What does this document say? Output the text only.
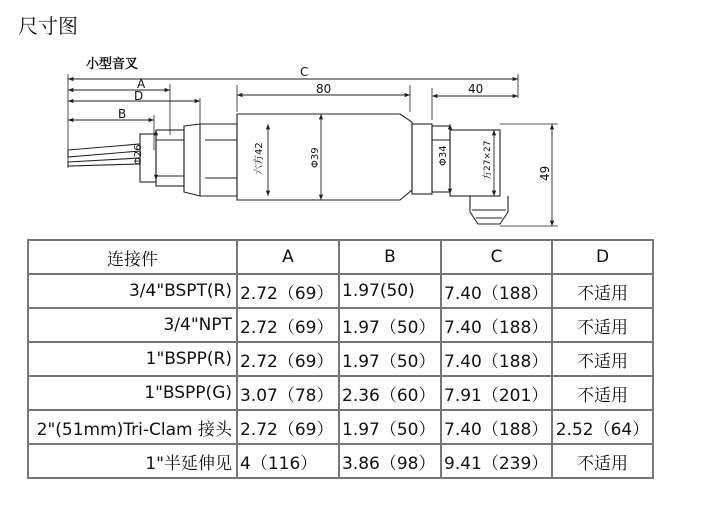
尺寸图
小型音叉	C
A
D
B
80	40
49
Φ26	Φ39	Φ34
六方42	方27×27
连接件	A	B	C	D
3/4"BSPT(R)	2.72（69）	1.97(50)	7.40（188）	不适用
3/4"NPT	2.72（69）	1.97（50）	7.40（188）	不适用
1"BSPP(R)	2.72（69）	1.97（50）	7.40（188）	不适用
1"BSPP(G)	3.07（78）	2.36（60）	7.91（201）	不适用
2"(51mm)Tri-Clam 接头	2.72（69）	1.97（50）	7.40（188）	2.52（64）
1"半延伸见	4（116）	3.86（98）	9.41（239）	不适用
